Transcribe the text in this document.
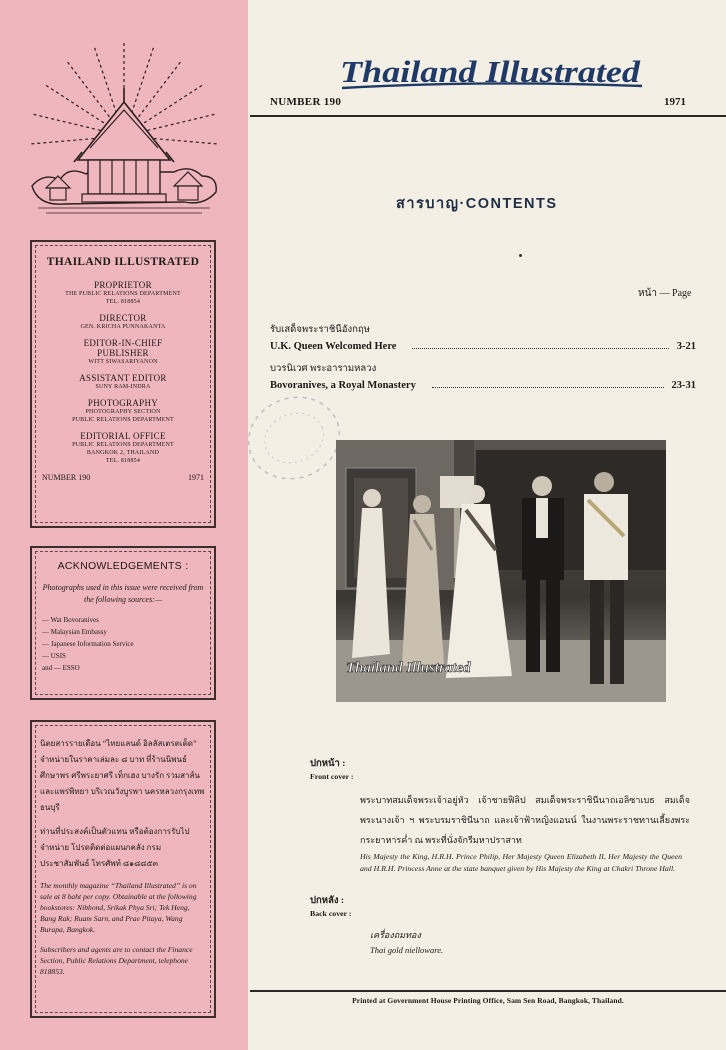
THAILAND ILLUSTRATED
PROPRIETOR
THE PUBLIC RELATIONS DEPARTMENT
TEL. 818854
DIRECTOR
GEN. KRICHA PUNNAKANTA
EDITOR-IN-CHIEF
PUBLISHER
WITT SIWASARIYANON
ASSISTANT EDITOR
SUNY RAM-INDRA
PHOTOGRAPHY
PHOTOGRAPHY SECTION
PUBLIC RELATIONS DEPARTMENT
EDITORIAL OFFICE
PUBLIC RELATIONS DEPARTMENT
BANGKOK 2, THAILAND
TEL. 818854
NUMBER 190	1971
ACKNOWLEDGEMENTS :
Photographs used in this issue were received from the following sources:—
— Wat Bovoranives
— Malaysian Embassy
— Japanese Information Service
— USIS
and — ESSO

นิตยสารรายเดือน “ไทยแลนด์ อิลลัสเตรตเต็ด” จำหน่ายในราคาเล่มละ ๘ บาท ที่ร้านนิพนธ์ ศึกษาพร ศรีพระยาศรี เท็กเฮง บางรัก รวมสาส์น และแพร่พิทยา บริเวณวังบูรพา นครหลวงกรุงเทพธนบุรี

ท่านที่ประสงค์เป็นตัวแทน หรือต้องการรับไปจำหน่าย โปรดติดต่อแผนกคลัง กรมประชาสัมพันธ์ โทรศัพท์ ๘๑๘๘๕๓

The monthly magazine “Thailand Illustrated” is on sale at 8 baht per copy. Obtainable at the following bookstores: Nibhond, Srikak Phya Sri; Tek Heng, Bang Rak; Ruam Sarn, and Prae Pitaya, Wang Burapa, Bangkok.

Subscribers and agents are to contact the Finance Section, Public Relations Department, telephone 818853.

Thailand Illustrated
NUMBER 190	1971
สารบาญ·CONTENTS
หน้า — Page
รับเสด็จพระราชินีอังกฤษ
U.K. Queen Welcomed Here	3-21
บวรนิเวศ พระอารามหลวง
Bovoranives, a Royal Monastery	23-31
Thailand Illustrated
ปกหน้า :
Front cover :
พระบาทสมเด็จพระเจ้าอยู่หัว เจ้าชายฟิลิป สมเด็จพระราชินีนาถเอลิซาเบธ สมเด็จพระนางเจ้า ฯ พระบรมราชินีนาถ และเจ้าฟ้าหญิงแอนน์ ในงานพระราชทานเลี้ยงพระกระยาหารค่ำ ณ พระที่นั่งจักรีมหาปราสาท
His Majesty the King, H.R.H. Prince Philip, Her Majesty Queen Elizabeth II, Her Majesty the Queen and H.R.H. Princess Anne at the state banquet given by His Majesty the King at Chakri Throne Hall.
ปกหลัง :
Back cover :
เครื่องถมทอง
Thai gold nielloware.
Printed at Government House Printing Office, Sam Sen Road, Bangkok, Thailand.
